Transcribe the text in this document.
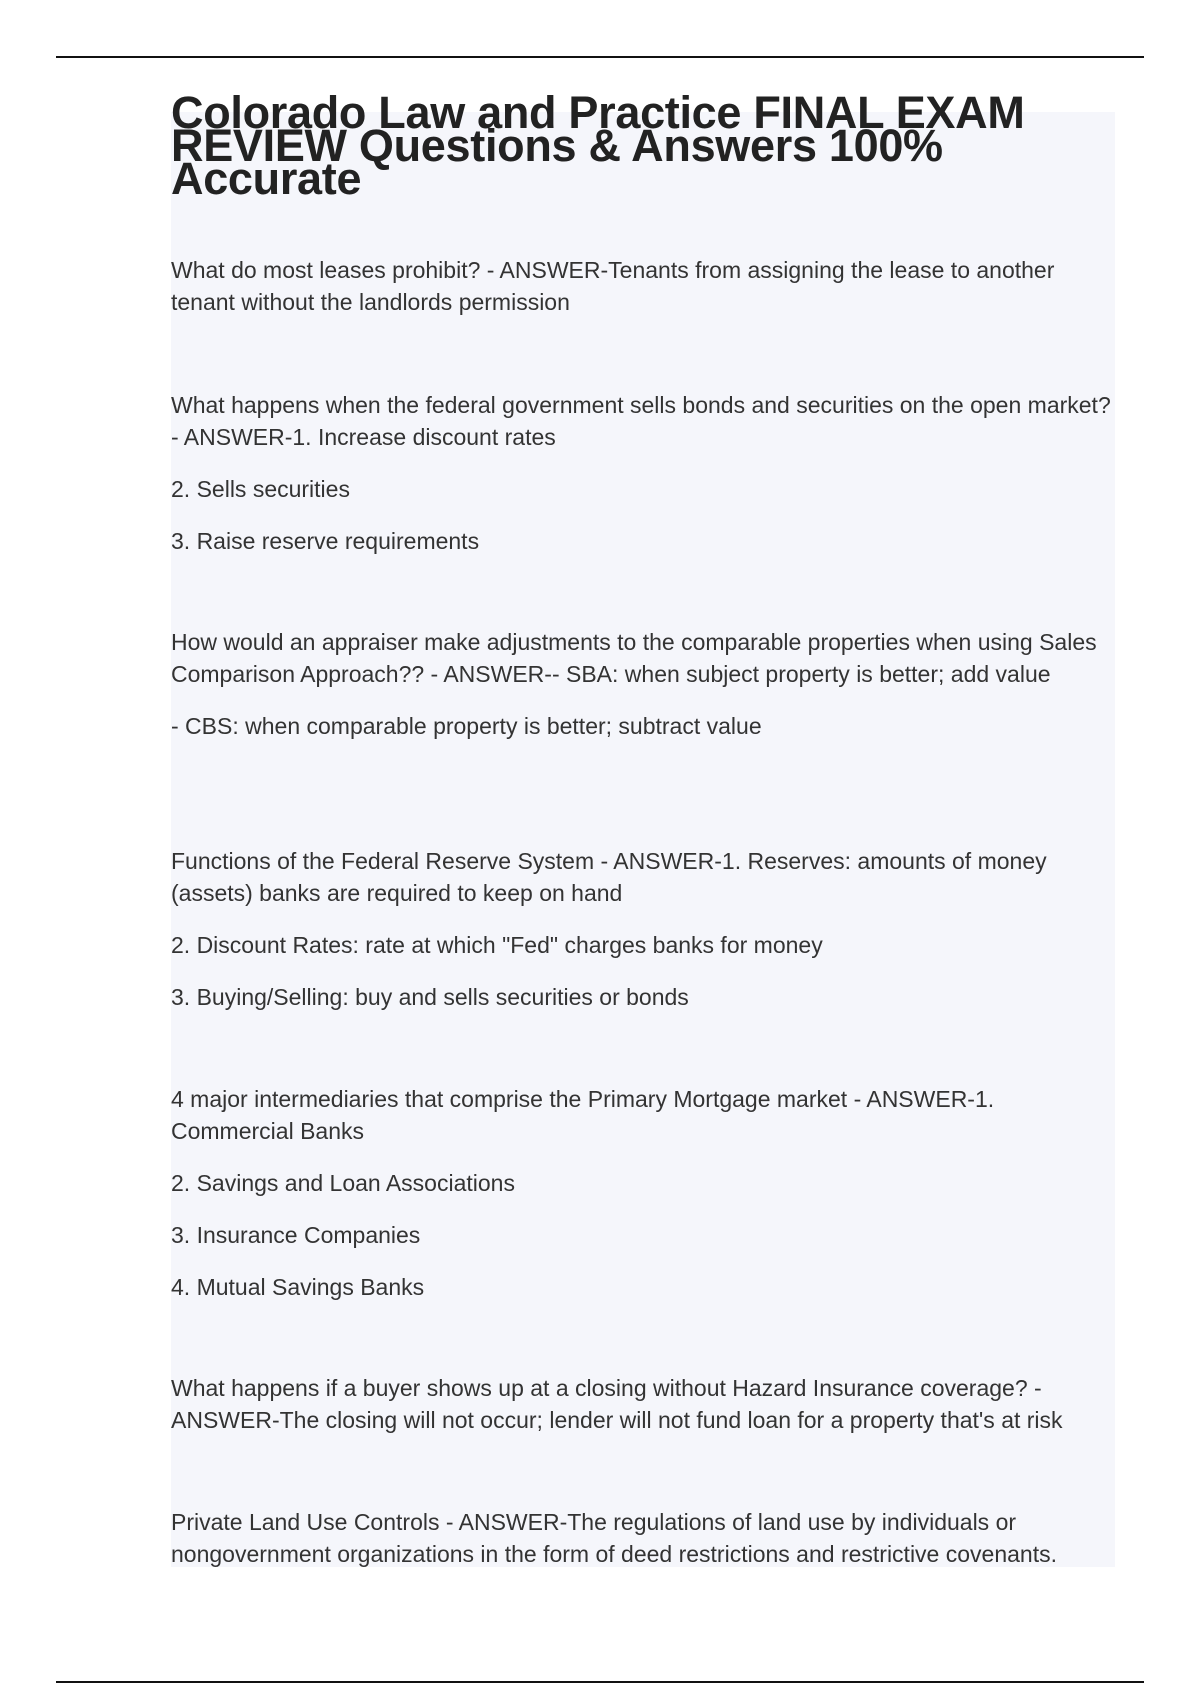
Colorado Law and Practice FINAL EXAM REVIEW Questions & Answers 100% Accurate

What do most leases prohibit? - ANSWER-Tenants from assigning the lease to another tenant without the landlords permission

What happens when the federal government sells bonds and securities on the open market? - ANSWER-1. Increase discount rates

2. Sells securities

3. Raise reserve requirements

How would an appraiser make adjustments to the comparable properties when using Sales Comparison Approach?? - ANSWER-- SBA: when subject property is better; add value

- CBS: when comparable property is better; subtract value

Functions of the Federal Reserve System - ANSWER-1. Reserves: amounts of money (assets) banks are required to keep on hand

2. Discount Rates: rate at which "Fed" charges banks for money

3. Buying/Selling: buy and sells securities or bonds

4 major intermediaries that comprise the Primary Mortgage market - ANSWER-1. Commercial Banks

2. Savings and Loan Associations

3. Insurance Companies

4. Mutual Savings Banks

What happens if a buyer shows up at a closing without Hazard Insurance coverage? - ANSWER-The closing will not occur; lender will not fund loan for a property that's at risk

Private Land Use Controls - ANSWER-The regulations of land use by individuals or nongovernment organizations in the form of deed restrictions and restrictive covenants.
